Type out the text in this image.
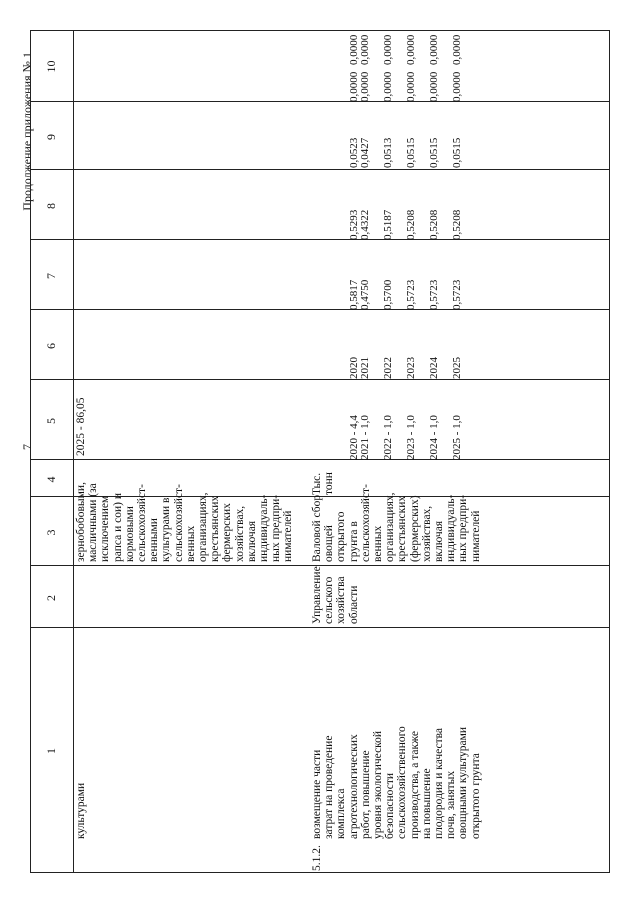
7
Продолжение приложения № 1
1
2
3
4
5
6
7
8
9
10
культурами
зернобобовыми,
масличными (за
исключением
рапса и сои) и
кормовыми
сельскохозяйст-
венными
культурами в
сельскохозяйст-
венных
организациях,
крестьянских
фермерских
хозяйствах,
включая
индивидуаль-
ных предпри-
нимателей
2025 - 86,05
5.1.2.
возмещение части
затрат на проведение
комплекса
агротехнологических
работ, повышение
уровня экологической
безопасности
сельскохозяйственного
производства, а также
на повышение
плодородия и качества
почв, занятых
овощными культурами
открытого грунта
Управление
сельского
хозяйства
области
Валовой сбор
овощей
открытого
грунта в
сельскохозяйст-
венных
организациях,
крестьянских
(фермерских)
хозяйствах,
включая
индивидуаль-
ных предпри-
нимателей
Тыс.
тонн
2020 - 4,4
2021 - 1,0

2022 - 1,0

2023 - 1,0

2024 - 1,0

2025 - 1,0
2020
2021

2022

2023

2024

2025
0,5817
0,4750

0,5700

0,5723

0,5723

0,5723
0,5293
0,4322

0,5187

0,5208

0,5208

0,5208
0,0523
0,0427

0,0513

0,0515

0,0515

0,0515
0,0000
0,0000

0,0000

0,0000

0,0000

0,0000
0,0000
0,0000

0,0000

0,0000

0,0000

0,0000
